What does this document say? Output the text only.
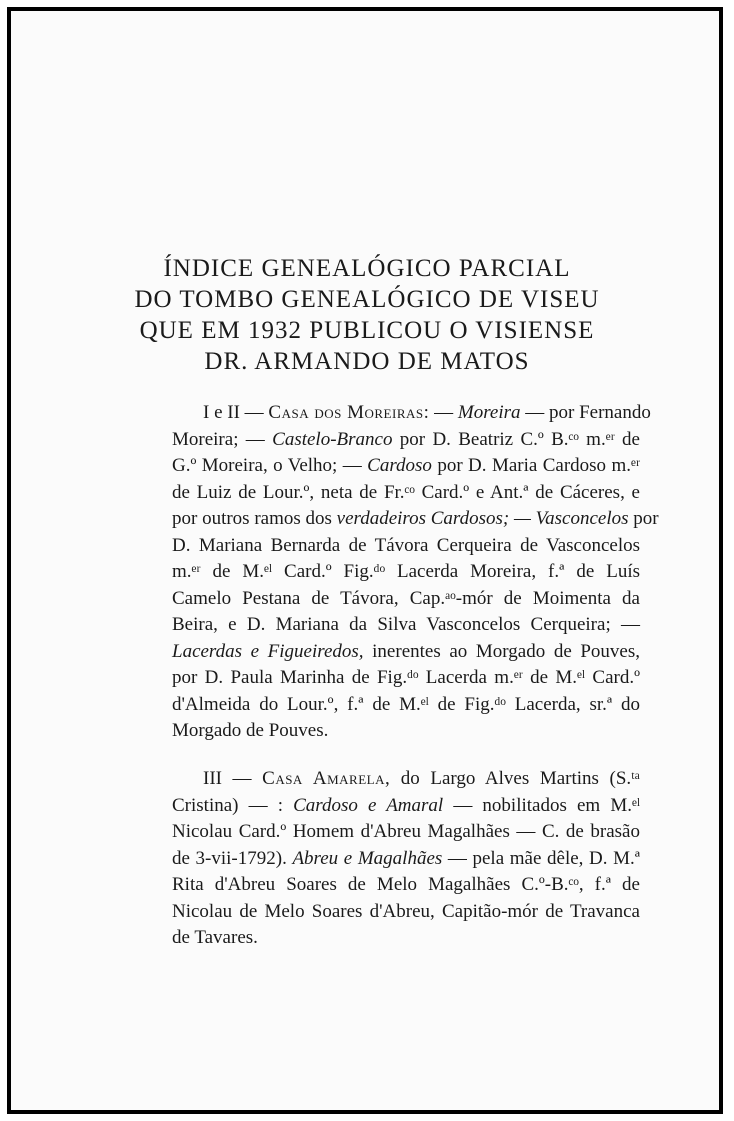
ÍNDICE GENEALÓGICO PARCIAL
DO TOMBO GENEALÓGICO DE VISEU
QUE EM 1932 PUBLICOU O VISIENSE
DR. ARMANDO DE MATOS
I e II — Casa dos Moreiras: — Moreira — por Fernando
Moreira; — Castelo-Branco por D. Beatriz C.º B.ᶜᵒ m.ᵉʳ de
G.º Moreira, o Velho; — Cardoso por D. Maria Cardoso m.ᵉʳ
de Luiz de Lour.º, neta de Fr.ᶜᵒ Card.º e Ant.ª de Cáceres, e
por outros ramos dos verdadeiros Cardosos; — Vasconcelos por
D. Mariana Bernarda de Távora Cerqueira de Vasconcelos
m.ᵉʳ de M.ᵉˡ Card.º Fig.ᵈᵒ Lacerda Moreira, f.ª de Luís
Camelo Pestana de Távora, Cap.ᵃᵒ-mór de Moimenta da
Beira, e D. Mariana da Silva Vasconcelos Cerqueira; —
Lacerdas e Figueiredos, inerentes ao Morgado de Pouves,
por D. Paula Marinha de Fig.ᵈᵒ Lacerda m.ᵉʳ de M.ᵉˡ Card.º
d'Almeida do Lour.º, f.ª de M.ᵉˡ de Fig.ᵈᵒ Lacerda, sr.ª do
Morgado de Pouves.
III — Casa Amarela, do Largo Alves Martins (S.ᵗᵃ
Cristina) — : Cardoso e Amaral — nobilitados em M.ᵉˡ
Nicolau Card.º Homem d'Abreu Magalhães — C. de brasão
de 3-vii-1792). Abreu e Magalhães — pela mãe dêle, D. M.ª
Rita d'Abreu Soares de Melo Magalhães C.º-B.ᶜᵒ, f.ª de
Nicolau de Melo Soares d'Abreu, Capitão-mór de Travanca
de Tavares.
